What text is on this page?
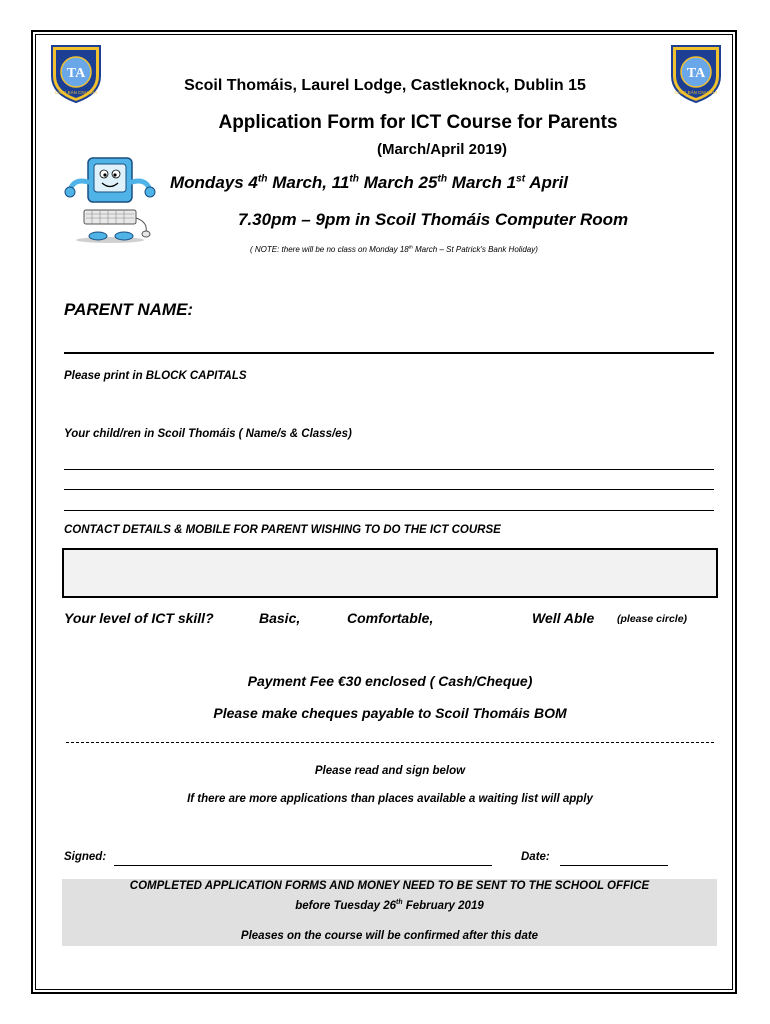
TA
CAISLEÁN CNUCHA
TA
CAISLEÁN CNUCHA
Scoil Thomáis, Laurel Lodge, Castleknock, Dublin 15
Application Form for ICT Course for Parents
(March/April 2019)
Mondays 4th March, 11th March 25th March 1st April
7.30pm – 9pm in Scoil Thomáis Computer Room
( NOTE: there will be no class on Monday 18th March – St Patrick's Bank Holiday)
PARENT NAME:
Please print in BLOCK CAPITALS
Your child/ren in Scoil Thomáis ( Name/s & Class/es)
CONTACT DETAILS & MOBILE FOR PARENT WISHING TO DO THE ICT COURSE
Your level of ICT skill?	Basic,	Comfortable,	Well Able (please circle)
Payment Fee €30 enclosed ( Cash/Cheque)
Please make cheques payable to Scoil Thomáis BOM
Please read and sign below
If there are more applications than places available a waiting list will apply
Signed:	Date:
COMPLETED APPLICATION FORMS AND MONEY NEED TO BE SENT TO THE SCHOOL OFFICE
before Tuesday 26th February 2019
Pleases on the course will be confirmed after this date
